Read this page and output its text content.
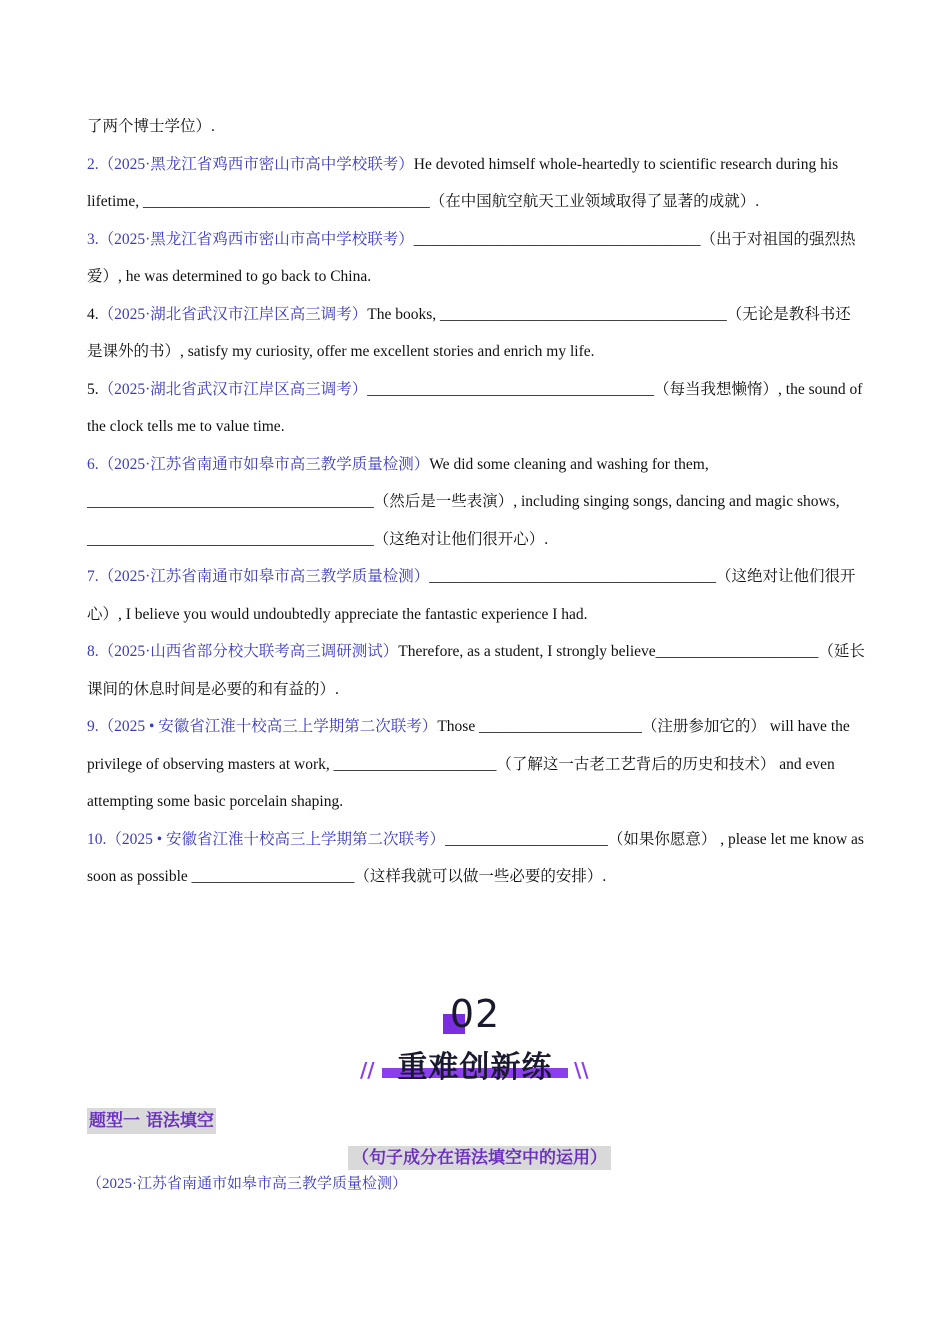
了两个博士学位）.

2.（2025·黑龙江省鸡西市密山市高中学校联考）He devoted himself whole-heartedly to scientific research during his lifetime, _____________________________________（在中国航空航天工业领域取得了显著的成就）.

3.（2025·黑龙江省鸡西市密山市高中学校联考）_____________________________________（出于对祖国的强烈热爱）, he was determined to go back to China.

4.（2025·湖北省武汉市江岸区高三调考）The books, _____________________________________（无论是教科书还是课外的书）, satisfy my curiosity, offer me excellent stories and enrich my life.

5.（2025·湖北省武汉市江岸区高三调考）_____________________________________（每当我想懒惰）, the sound of the clock tells me to value time.

6.（2025·江苏省南通市如皋市高三教学质量检测）We did some cleaning and washing for them, _____________________________________（然后是一些表演）, including singing songs, dancing and magic shows, _____________________________________（这绝对让他们很开心）.

7.（2025·江苏省南通市如皋市高三教学质量检测）_____________________________________（这绝对让他们很开心）, I believe you would undoubtedly appreciate the fantastic experience I had.

8.（2025·山西省部分校大联考高三调研测试）Therefore, as a student, I strongly believe_____________________（延长课间的休息时间是必要的和有益的）.

9.（2025 • 安徽省江淮十校高三上学期第二次联考）Those _____________________（注册参加它的） will have the privilege of observing masters at work, _____________________（了解这一古老工艺背后的历史和技术） and even attempting some basic porcelain shaping.

10.（2025 • 安徽省江淮十校高三上学期第二次联考）_____________________（如果你愿意） , please let me know as soon as possible _____________________（这样我就可以做一些必要的安排）.

02
// 重难创新练	\\
题型一 语法填空
（句子成分在语法填空中的运用）
（2025·江苏省南通市如皋市高三教学质量检测）
